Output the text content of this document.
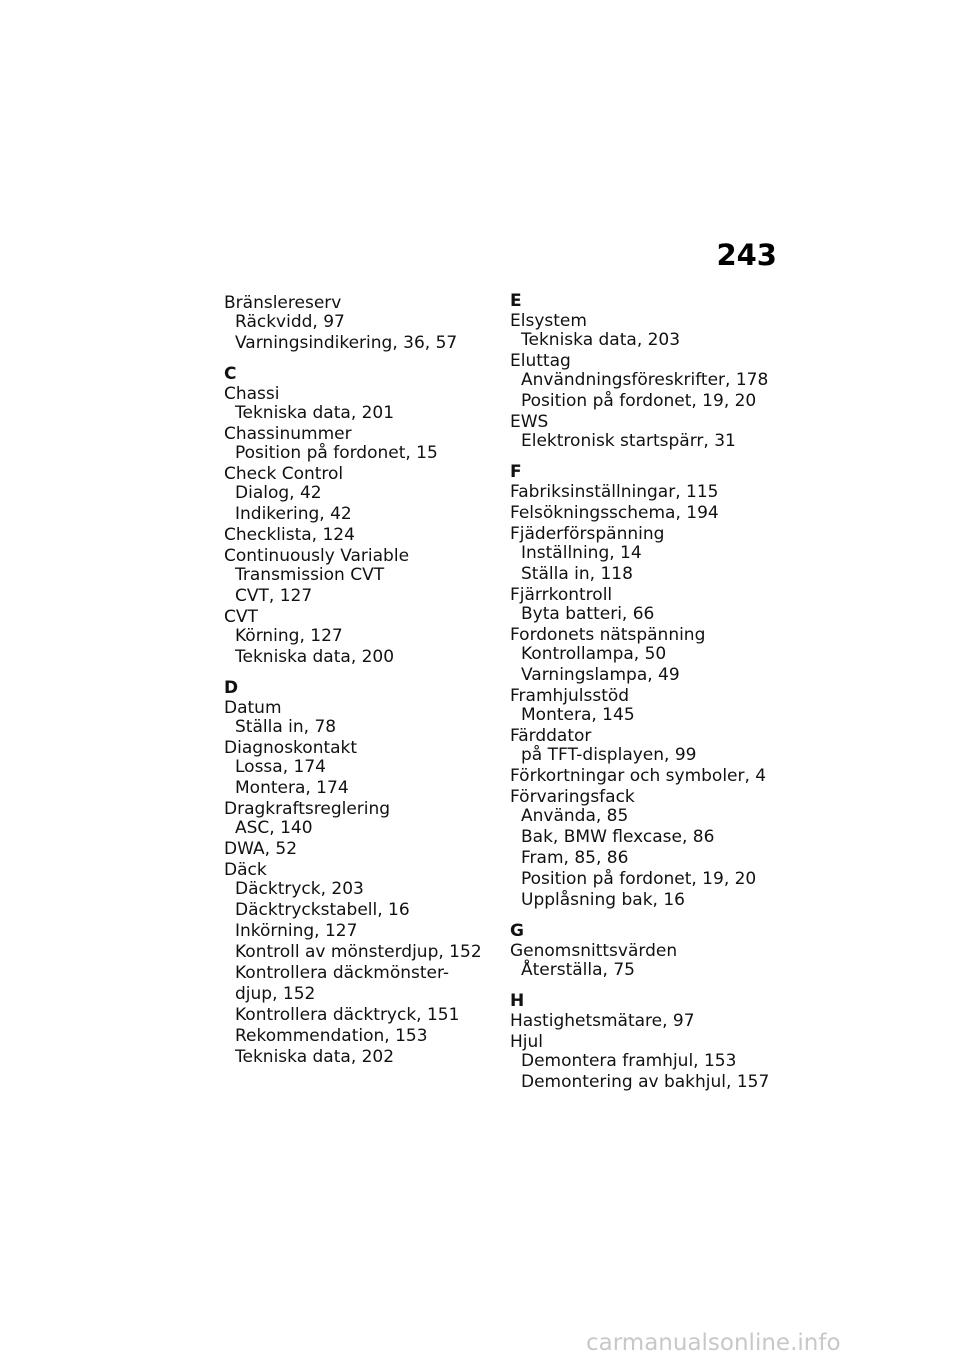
243
Bränslereserv
Räckvidd, 97
Varningsindikering, 36, 57
C
Chassi
Tekniska data, 201
Chassinummer
Position på fordonet, 15
Check Control
Dialog, 42
Indikering, 42
Checklista, 124
Continuously Variable
Transmission CVT
CVT, 127
CVT
Körning, 127
Tekniska data, 200
D
Datum
Ställa in, 78
Diagnoskontakt
Lossa, 174
Montera, 174
Dragkraftsreglering
ASC, 140
DWA, 52
Däck
Däcktryck, 203
Däcktryckstabell, 16
Inkörning, 127
Kontroll av mönsterdjup, 152
Kontrollera däckmönster-
djup, 152
Kontrollera däcktryck, 151
Rekommendation, 153
Tekniska data, 202
E
Elsystem
Tekniska data, 203
Eluttag
Användningsföreskrifter, 178
Position på fordonet, 19, 20
EWS
Elektronisk startspärr, 31
F
Fabriksinställningar, 115
Felsökningsschema, 194
Fjäderförspänning
Inställning, 14
Ställa in, 118
Fjärrkontroll
Byta batteri, 66
Fordonets nätspänning
Kontrollampa, 50
Varningslampa, 49
Framhjulsstöd
Montera, 145
Färddator
på TFT-displayen, 99
Förkortningar och symboler, 4
Förvaringsfack
Använda, 85
Bak, BMW flexcase, 86
Fram, 85, 86
Position på fordonet, 19, 20
Upplåsning bak, 16
G
Genomsnittsvärden
Återställa, 75
H
Hastighetsmätare, 97
Hjul
Demontera framhjul, 153
Demontering av bakhjul, 157
carmanualsonline.info
